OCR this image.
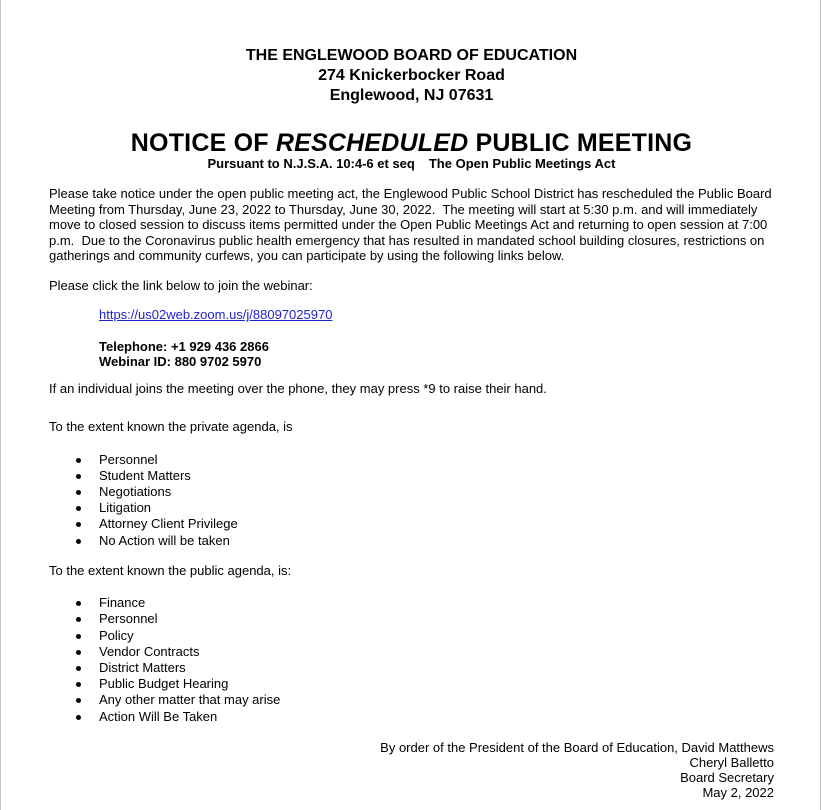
THE ENGLEWOOD BOARD OF EDUCATION
274 Knickerbocker Road
Englewood, NJ 07631
NOTICE OF RESCHEDULED PUBLIC MEETING
Pursuant to N.J.S.A. 10:4-6 et seq The Open Public Meetings Act

Please take notice under the open public meeting act, the Englewood Public School District has rescheduled the Public Board Meeting from Thursday, June 23, 2022 to Thursday, June 30, 2022.  The meeting will start at 5:30 p.m. and will immediately move to closed session to discuss items permitted under the Open Public Meetings Act and returning to open session at 7:00 p.m.  Due to the Coronavirus public health emergency that has resulted in mandated school building closures, restrictions on gatherings and community curfews, you can participate by using the following links below.

Please click the link below to join the webinar:

https://us02web.zoom.us/j/88097025970
Telephone: +1 929 436 2866
Webinar ID: 880 9702 5970

If an individual joins the meeting over the phone, they may press *9 to raise their hand.

To the extent known the private agenda, is

Personnel
Student Matters
Negotiations
Litigation
Attorney Client Privilege
No Action will be taken

To the extent known the public agenda, is:

Finance
Personnel
Policy
Vendor Contracts
District Matters
Public Budget Hearing
Any other matter that may arise
Action Will Be Taken
By order of the President of the Board of Education, David Matthews
Cheryl Balletto
Board Secretary
May 2, 2022
